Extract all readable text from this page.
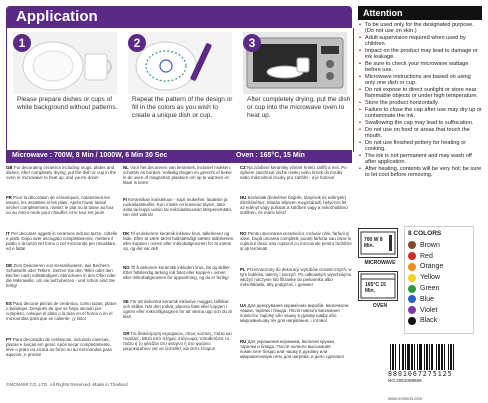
Application
1
Please prepare dishes or cups of white background without patterns.
2
Repeat the pattern of the design or fill in the colors as you wish to create a unique dish or cup.
3
After completely drying, put the dish or cup into the microwave oven to heat up.
Microwave : 700W, 8 Min / 1000W, 6 Min 30 Sec	Oven : 165°C, 15 Min
GB For decorating ceramics including mugs, plates and dishes. After completely drying, put the dish or cup in the oven or microwave to heat up, and you're done!
FR Pour la décoration de céramiques, notamment les tasses, les assiettes et les plats. Après l'avoir laissé sécher complètement, mettez le plat ou la tasse au four ou au micro-onde pour chauffer, et le tour est joué!
IT Per decorare oggetti in ceramica incluso tazze, coltelle e piatti. Dopo aver asciugato completamente, mettere il piatto o la tazza nel forno o nel microonde per riscaldare, ed è fatta!
DE Zum Dekorieren von Keramikwaren, wie Bechern, Schüsseln oder Tellern. Setzen Sie den Teller oder den Becher nach vollständigem Abtrocknen in den Ofen oder die Mikrowelle, um sie aufzuheizen - und schon sind Sie fertig!
ES Para decorar piezas de cerámica, como tazas, platos o bandejas. Después de que se haya secado por completo, coloque el plato o la taza en el horno o en el microondas para que se caliente, ¡y listo!
PT Para decoração de cerâmicas, incluindo canecas, placas e louças em geral. Após secar completamente, leve o prato ou xícara ao forno ou ao microondas para aquecer, e pronto!
NL Voor het decoreren van keramiek, inclusief mokken, schotels en borden. Volledig drogen en gerecht of beker in de oven of magnetron plaatsen om op te warmen en klaar is kees!
FI Keramiikan koristeluun - sopii mukeihin, lautasiin ja ruokailuastioihin. Kun muste on kuivunut täysin, laita astia tai kuppi uuniin tai mikroaaltouuniin lämpenemään, niin olet valmis!
DK Til at dekorere keramik inklusiv krus, tallerkener og fade. Efter at være tørret fuldstændigt sættes tallerkenen eller koppen i ovnen eller mikrobølgeovnen for at varme op, og det var det!
NO Til å dekorere keramikk inkludert krus, fat og skåler. Etter fullstendig tørking må fatet eller koppen i ovnen eller mikrobølgeovnen for oppvarming, og du er ferdig!
SE För att dekorera keramik inklusive muggar, tallrikar och skålar. När den torkat, placera fatet eller koppen i ugnen eller mikrovågsugnen för att värma upp och du är klar!
GR Για διακόσμηση κεραμικών, όπως κούπες, πιάτα και πιατέλες. Μετά από πλήρες στέγνωμα, τοποθετήστε το πιάτο ή το φλιτζάνι στο φούρνο ή στο φούρνο μικροκυμάτων για να ζεσταθεί, και είστε έτοιμοι!
CZ Na zdobení keramiky včetně hrnků, talířů a mís. Po úplném zaschnutí vložte misku nebo hrnek do trouby nebo mikrovlnné trouby pro zahřátí - a je hotovo!
HU Kerámiák (beleértve bögrék, tányérok és edények) díszítéséhez. Miután teljesen megszáradt, helyezze fel az edényt vagy poharat a sütőben vagy a mikrohullámú sütőben, és máris kész!
RO Pentru decorarea ceramicilor, inclusiv căni, farfurii și vase. După uscarea completă, puneți farfuria sau cana în cuptorul clasic sau cuptorul cu microunde pentru încălzire și ați terminat!
PL Przeznaczony do dekoracji wyrobów ceramicznych, w tym kubków, talerzy i naczyń. Po całkowitym wyschnięciu włożyć naczynie lub filiżankę do piekarnika albo mikrofalówki, aby podgrzać, i gotowe!
UA Для декорування керамічних виробів, включаючи чашки, тарілки і блюда. Після повного висихання помістіть тарілку або чашку в духову шафу або мікрохвильову піч для нагрівання, і готово!
RU Для украшения керамики, включая кружки, тарелки и блюда. После полного высыхания поместите блюдо или чашку в духовку или микроволновую печь для нагрева, и дело сделано!
Attention
• To be used only for the designated purpose. (Do not use on skin.)
• Adult supervision required when used by children.
• Impact on the product may lead to damage or ink leakage.
• Be sure to check your microwave wattage before use.
• Microwave instructions are based on using only one dish or cup.
• Do not expose to direct sunlight or store near flammable objects or under high temperature.
• Store the product horizontally.
• Failure to close the cap after use may dry up or contaminate the ink.
• Swallowing the cap may lead to suffocation.
• Do not use on food or areas that touch the mouth.
• Do not use finished pottery for heating or cooking.
• The ink is not permanent and may wash off after application.
• After heating, contents will be very hot; be sure to let cool before removing.
700 W 8 Min.
MICROWAVE
165°C 15 Min.
OVEN
8 COLORS
Brown
Red
Orange
Yellow
Green
Blue
Violet
Black
8801067275125
NO.2051059508
©MONAMI CO.,LTD. All Rights Reserved. Made in Thailand
www.monami.com
